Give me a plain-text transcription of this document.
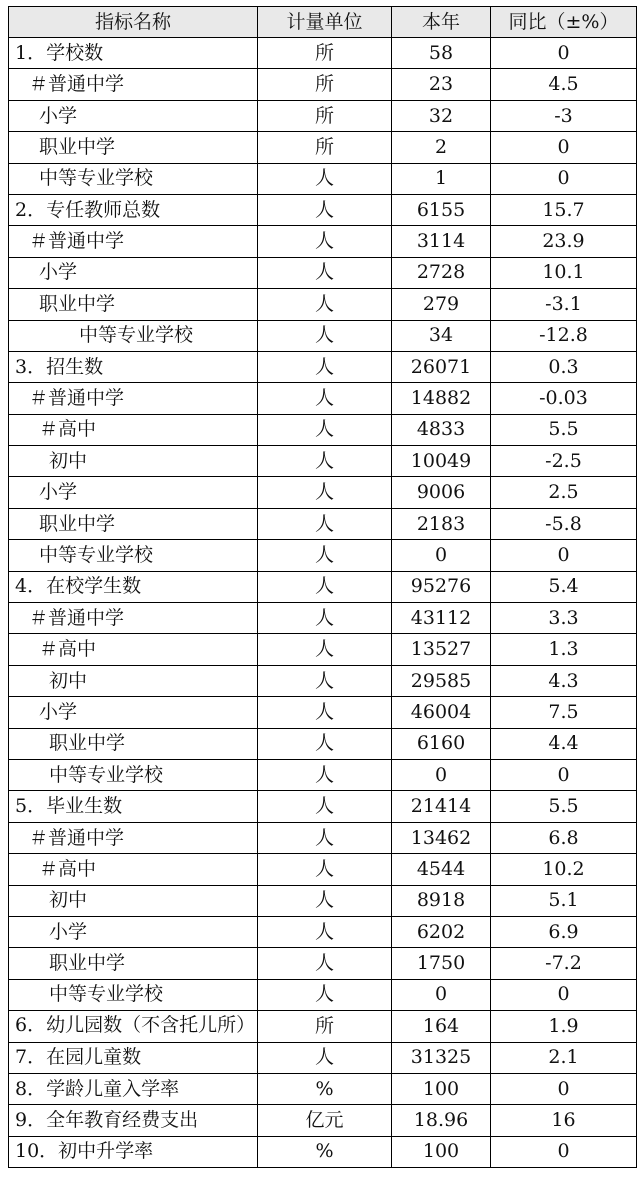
指标名称	计量单位	本年	同比（±%）
1．学校数	所	58	0
＃普通中学	所	23	4.5
小学	所	32	-3
职业中学	所	2	0
中等专业学校	人	1	0
2．专任教师总数	人	6155	15.7
＃普通中学	人	3114	23.9
小学	人	2728	10.1
职业中学	人	279	-3.1
中等专业学校	人	34	-12.8
3．招生数	人	26071	0.3
＃普通中学	人	14882	-0.03
＃高中	人	4833	5.5
初中	人	10049	-2.5
小学	人	9006	2.5
职业中学	人	2183	-5.8
中等专业学校	人	0	0
4．在校学生数	人	95276	5.4
＃普通中学	人	43112	3.3
＃高中	人	13527	1.3
初中	人	29585	4.3
小学	人	46004	7.5
职业中学	人	6160	4.4
中等专业学校	人	0	0
5．毕业生数	人	21414	5.5
＃普通中学	人	13462	6.8
＃高中	人	4544	10.2
初中	人	8918	5.1
小学	人	6202	6.9
职业中学	人	1750	-7.2
中等专业学校	人	0	0
6．幼儿园数（不含托儿所）	所	164	1.9
7．在园儿童数	人	31325	2.1
8．学龄儿童入学率	%	100	0
9．全年教育经费支出	亿元	18.96	16
10．初中升学率	%	100	0
